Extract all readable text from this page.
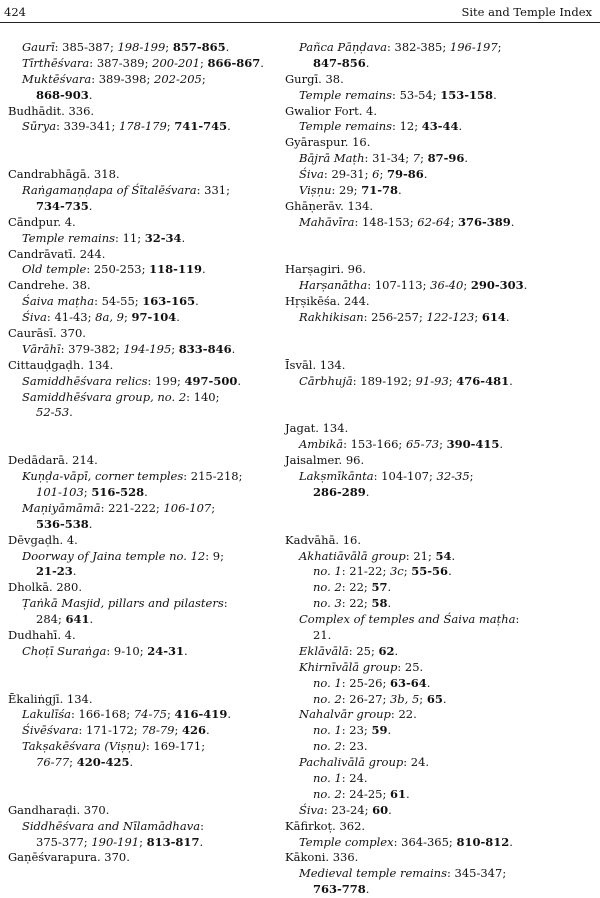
424	Site and Temple Index
Gaurī: 385-387; 198-199; 857-865.
Tīrthēśvara: 387-389; 200-201; 866-867.
Muktēśvara: 389-398; 202-205;
868-903.
Budhādit. 336.
Sūrya: 339-341; 178-179; 741-745.
Candrabhāgā. 318.
Raṅgamaṇḍapa of Śītalēśvara: 331;
734-735.
Cāndpur. 4.
Temple remains: 11; 32-34.
Candrāvatī. 244.
Old temple: 250-253; 118-119.
Candrehe. 38.
Śaiva maṭha: 54-55; 163-165.
Śiva: 41-43; 8a, 9; 97-104.
Caurāsī. 370.
Vārāhī: 379-382; 194-195; 833-846.
Cittauḍgaḍh. 134.
Samiddhēśvara relics: 199; 497-500.
Samiddhēśvara group, no. 2: 140;
52-53.
Dedādarā. 214.
Kuṇḍa-vāpī, corner temples: 215-218;
101-103; 516-528.
Maṇiyāmāmā: 221-222; 106-107;
536-538.
Dēvgaḍh. 4.
Doorway of Jaina temple no. 12: 9;
21-23.
Dholkā. 280.
Ṭaṅkā Masjid, pillars and pilasters:
284; 641.
Dudhahī. 4.
Choṭī Suraṅga: 9-10; 24-31.
Ēkaliṅgjī. 134.
Lakulīśa: 166-168; 74-75; 416-419.
Śivēśvara: 171-172; 78-79; 426.
Takṣakēśvara (Viṣṇu): 169-171;
76-77; 420-425.
Gandharaḍi. 370.
Siddhēśvara and Nīlamādhava:
375-377; 190-191; 813-817.
Gaṇēśvarapura. 370.
Pañca Pāṇḍava: 382-385; 196-197;
847-856.
Gurgī. 38.
Temple remains: 53-54; 153-158.
Gwalior Fort. 4.
Temple remains: 12; 43-44.
Gyāraspur. 16.
Bājrā Maṭh: 31-34; 7; 87-96.
Śiva: 29-31; 6; 79-86.
Viṣṇu: 29; 71-78.
Ghāṇerāv. 134.
Mahāvīra: 148-153; 62-64; 376-389.
Harṣagiri. 96.
Harṣanātha: 107-113; 36-40; 290-303.
Hṛṣikēśa. 244.
Rakhikisan: 256-257; 122-123; 614.
Īsvāl. 134.
Cārbhujā: 189-192; 91-93; 476-481.
Jagat. 134.
Ambikā: 153-166; 65-73; 390-415.
Jaisalmer. 96.
Lakṣmīkānta: 104-107; 32-35;
286-289.
Kadvāhā. 16.
Akhatiāvālā group: 21; 54.
no. 1: 21-22; 3c; 55-56.
no. 2: 22; 57.
no. 3: 22; 58.
Complex of temples and Śaiva maṭha:
21.
Eklāvālā: 25; 62.
Khirnīvālā group: 25.
no. 1: 25-26; 63-64.
no. 2: 26-27; 3b, 5; 65.
Nahalvār group: 22.
no. 1: 23; 59.
no. 2: 23.
Pachalivālā group: 24.
no. 1: 24.
no. 2: 24-25; 61.
Śiva: 23-24; 60.
Kāfirkoṭ. 362.
Temple complex: 364-365; 810-812.
Kākoni. 336.
Medieval temple remains: 345-347;
763-778.
